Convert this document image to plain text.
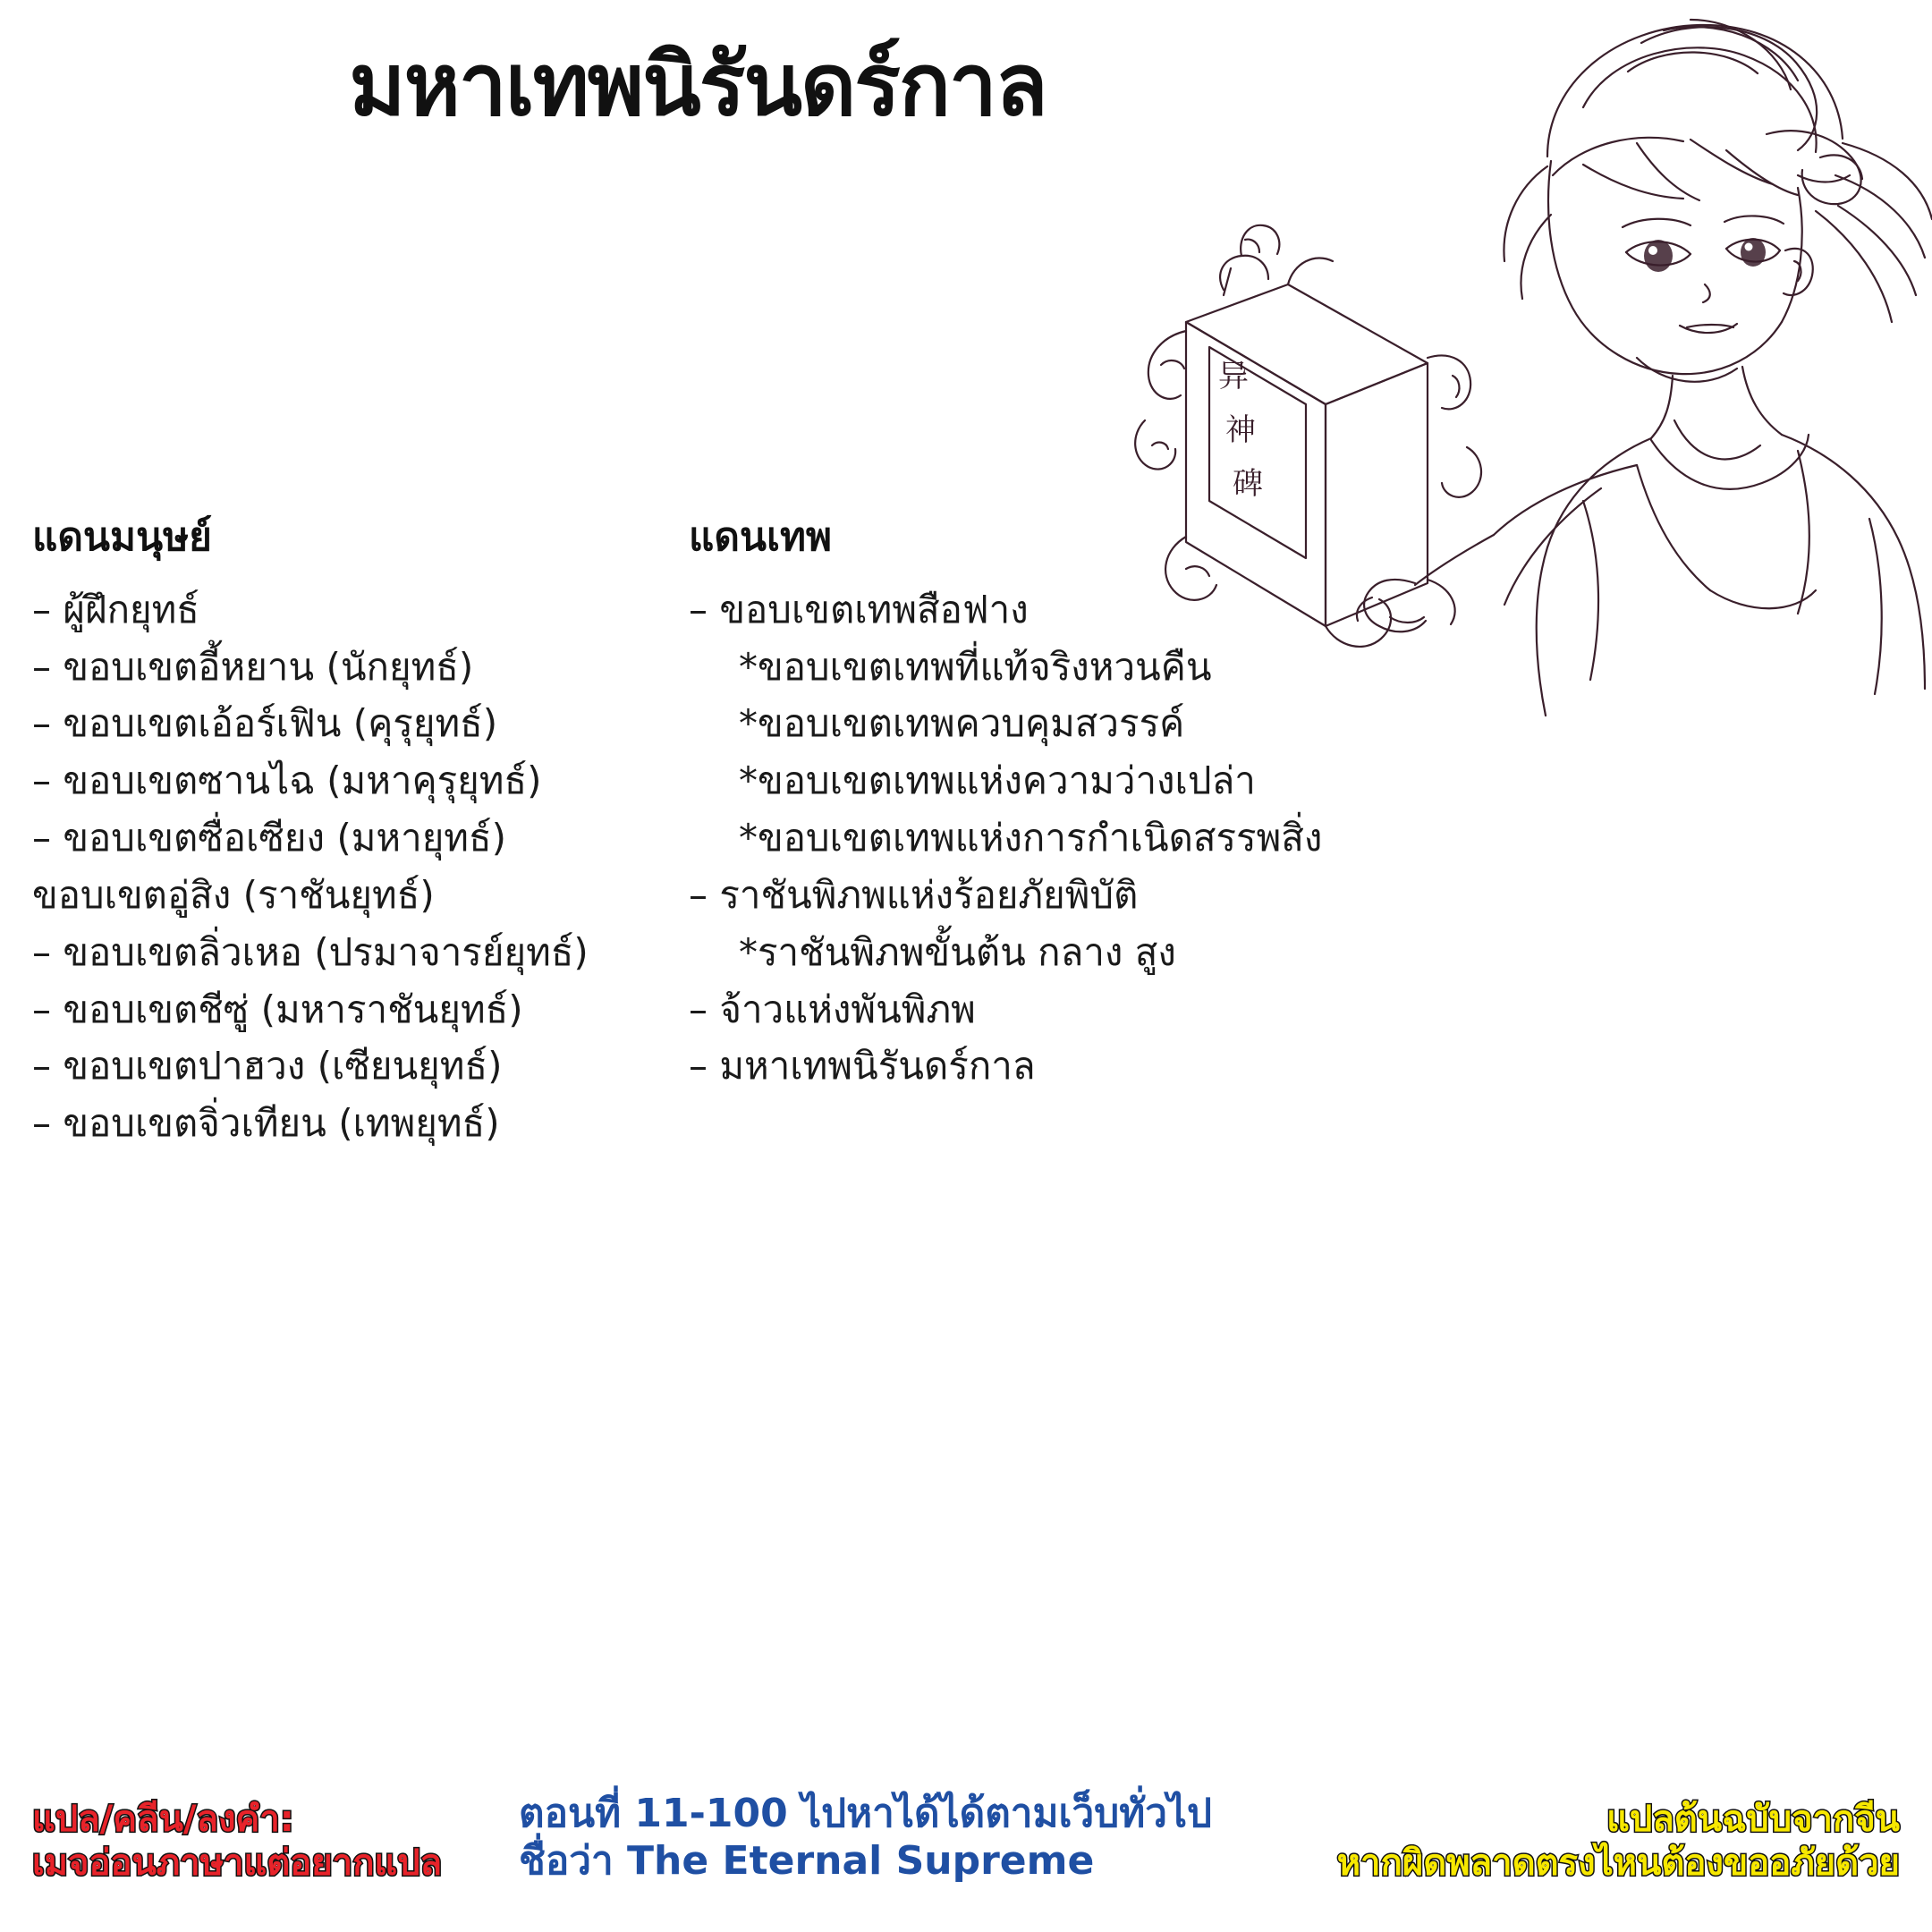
มหาเทพนิรันดร์กาล
异
神
碑
แดนมนุษย์
– ผู้ฝึกยุทธ์
– ขอบเขตอี้หยาน (นักยุทธ์)
– ขอบเขตเอ้อร์เฟิน (คุรุยุทธ์)
– ขอบเขตซานไฉ (มหาคุรุยุทธ์)
– ขอบเขตซื่อเซียง (มหายุทธ์)
ขอบเขตอู่สิง (ราชันยุทธ์)
– ขอบเขตลิ่วเหอ (ปรมาจารย์ยุทธ์)
– ขอบเขตชีซู่ (มหาราชันยุทธ์)
– ขอบเขตปาฮวง (เซียนยุทธ์)
– ขอบเขตจิ่วเทียน (เทพยุทธ์)
แดนเทพ
– ขอบเขตเทพสือฟาง
*ขอบเขตเทพที่แท้จริงหวนคืน
*ขอบเขตเทพควบคุมสวรรค์
*ขอบเขตเทพแห่งความว่างเปล่า
*ขอบเขตเทพแห่งการกำเนิดสรรพสิ่ง
– ราชันพิภพแห่งร้อยภัยพิบัติ
*ราชันพิภพขั้นต้น กลาง สูง
– จ้าวแห่งพันพิภพ
– มหาเทพนิรันดร์กาล
แปล/คลีน/ลงคำ:
เมจอ่อนภาษาแต่อยากแปล
ตอนที่ 11-100 ไปหาได้ได้ตามเว็บทั่วไป
ชื่อว่า The Eternal Supreme
แปลต้นฉบับจากจีน
หากผิดพลาดตรงไหนต้องขออภัยด้วย
